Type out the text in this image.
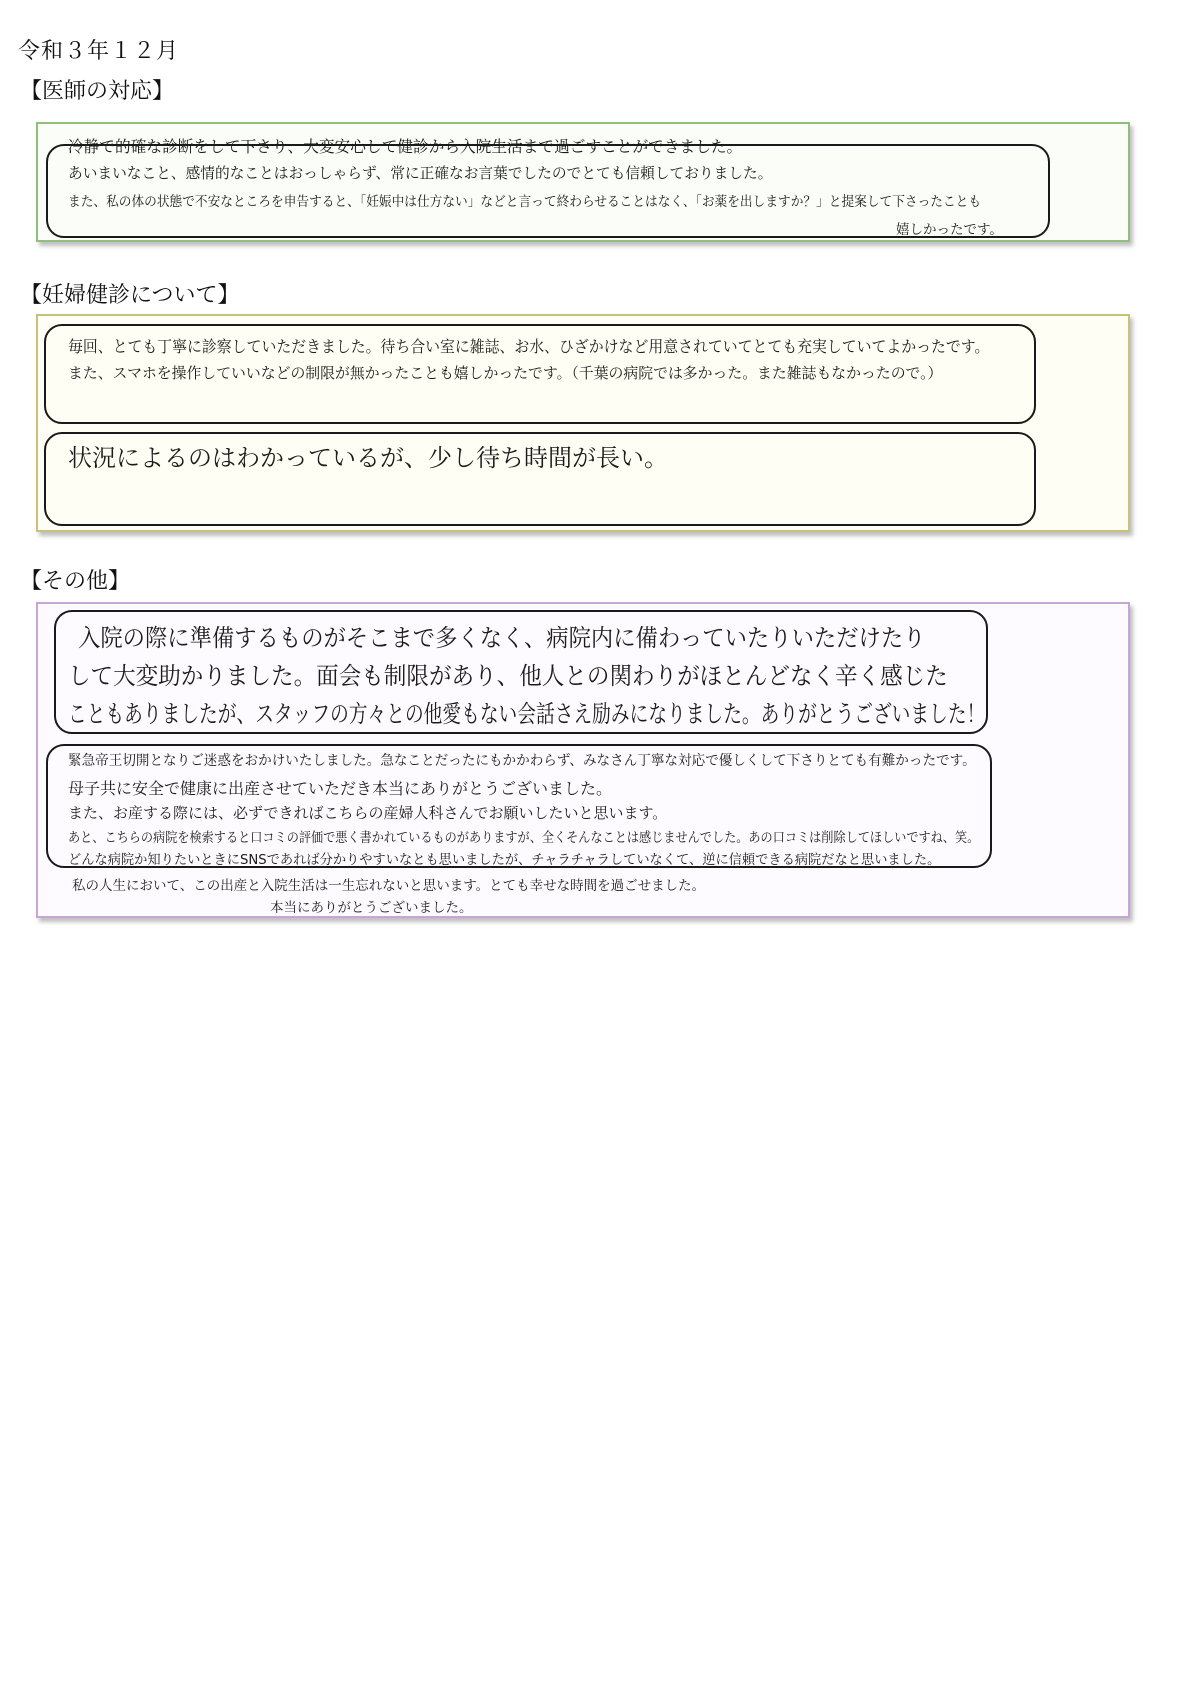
令和３年１２月
【医師の対応】
冷静で的確な診断をして下さり、大変安心して健診から入院生活まで過ごすことができました。
あいまいなこと、感情的なことはおっしゃらず、常に正確なお言葉でしたのでとても信頼しておりました。
また、私の体の状態で不安なところを申告すると、「妊娠中は仕方ない」などと言って終わらせることはなく、「お薬を出しますか？」と提案して下さったことも
嬉しかったです。
【妊婦健診について】
毎回、とても丁寧に診察していただきました。待ち合い室に雑誌、お水、ひざかけなど用意されていてとても充実していてよかったです。
また、スマホを操作していいなどの制限が無かったことも嬉しかったです。（千葉の病院では多かった。また雑誌もなかったので。）
状況によるのはわかっているが、少し待ち時間が長い。
【その他】
入院の際に準備するものがそこまで多くなく、病院内に備わっていたりいただけたり
して大変助かりました。面会も制限があり、他人との関わりがほとんどなく辛く感じた
こともありましたが、スタッフの方々との他愛もない会話さえ励みになりました。ありがとうございました！
緊急帝王切開となりご迷惑をおかけいたしました。急なことだったにもかかわらず、みなさん丁寧な対応で優しくして下さりとても有難かったです。
母子共に安全で健康に出産させていただき本当にありがとうございました。
また、お産する際には、必ずできればこちらの産婦人科さんでお願いしたいと思います。
あと、こちらの病院を検索すると口コミの評価で悪く書かれているものがありますが、全くそんなことは感じませんでした。あの口コミは削除してほしいですね、笑。
どんな病院か知りたいときにSNSであれば分かりやすいなとも思いましたが、チャラチャラしていなくて、逆に信頼できる病院だなと思いました。
私の人生において、この出産と入院生活は一生忘れないと思います。とても幸せな時間を過ごせました。
本当にありがとうございました。
